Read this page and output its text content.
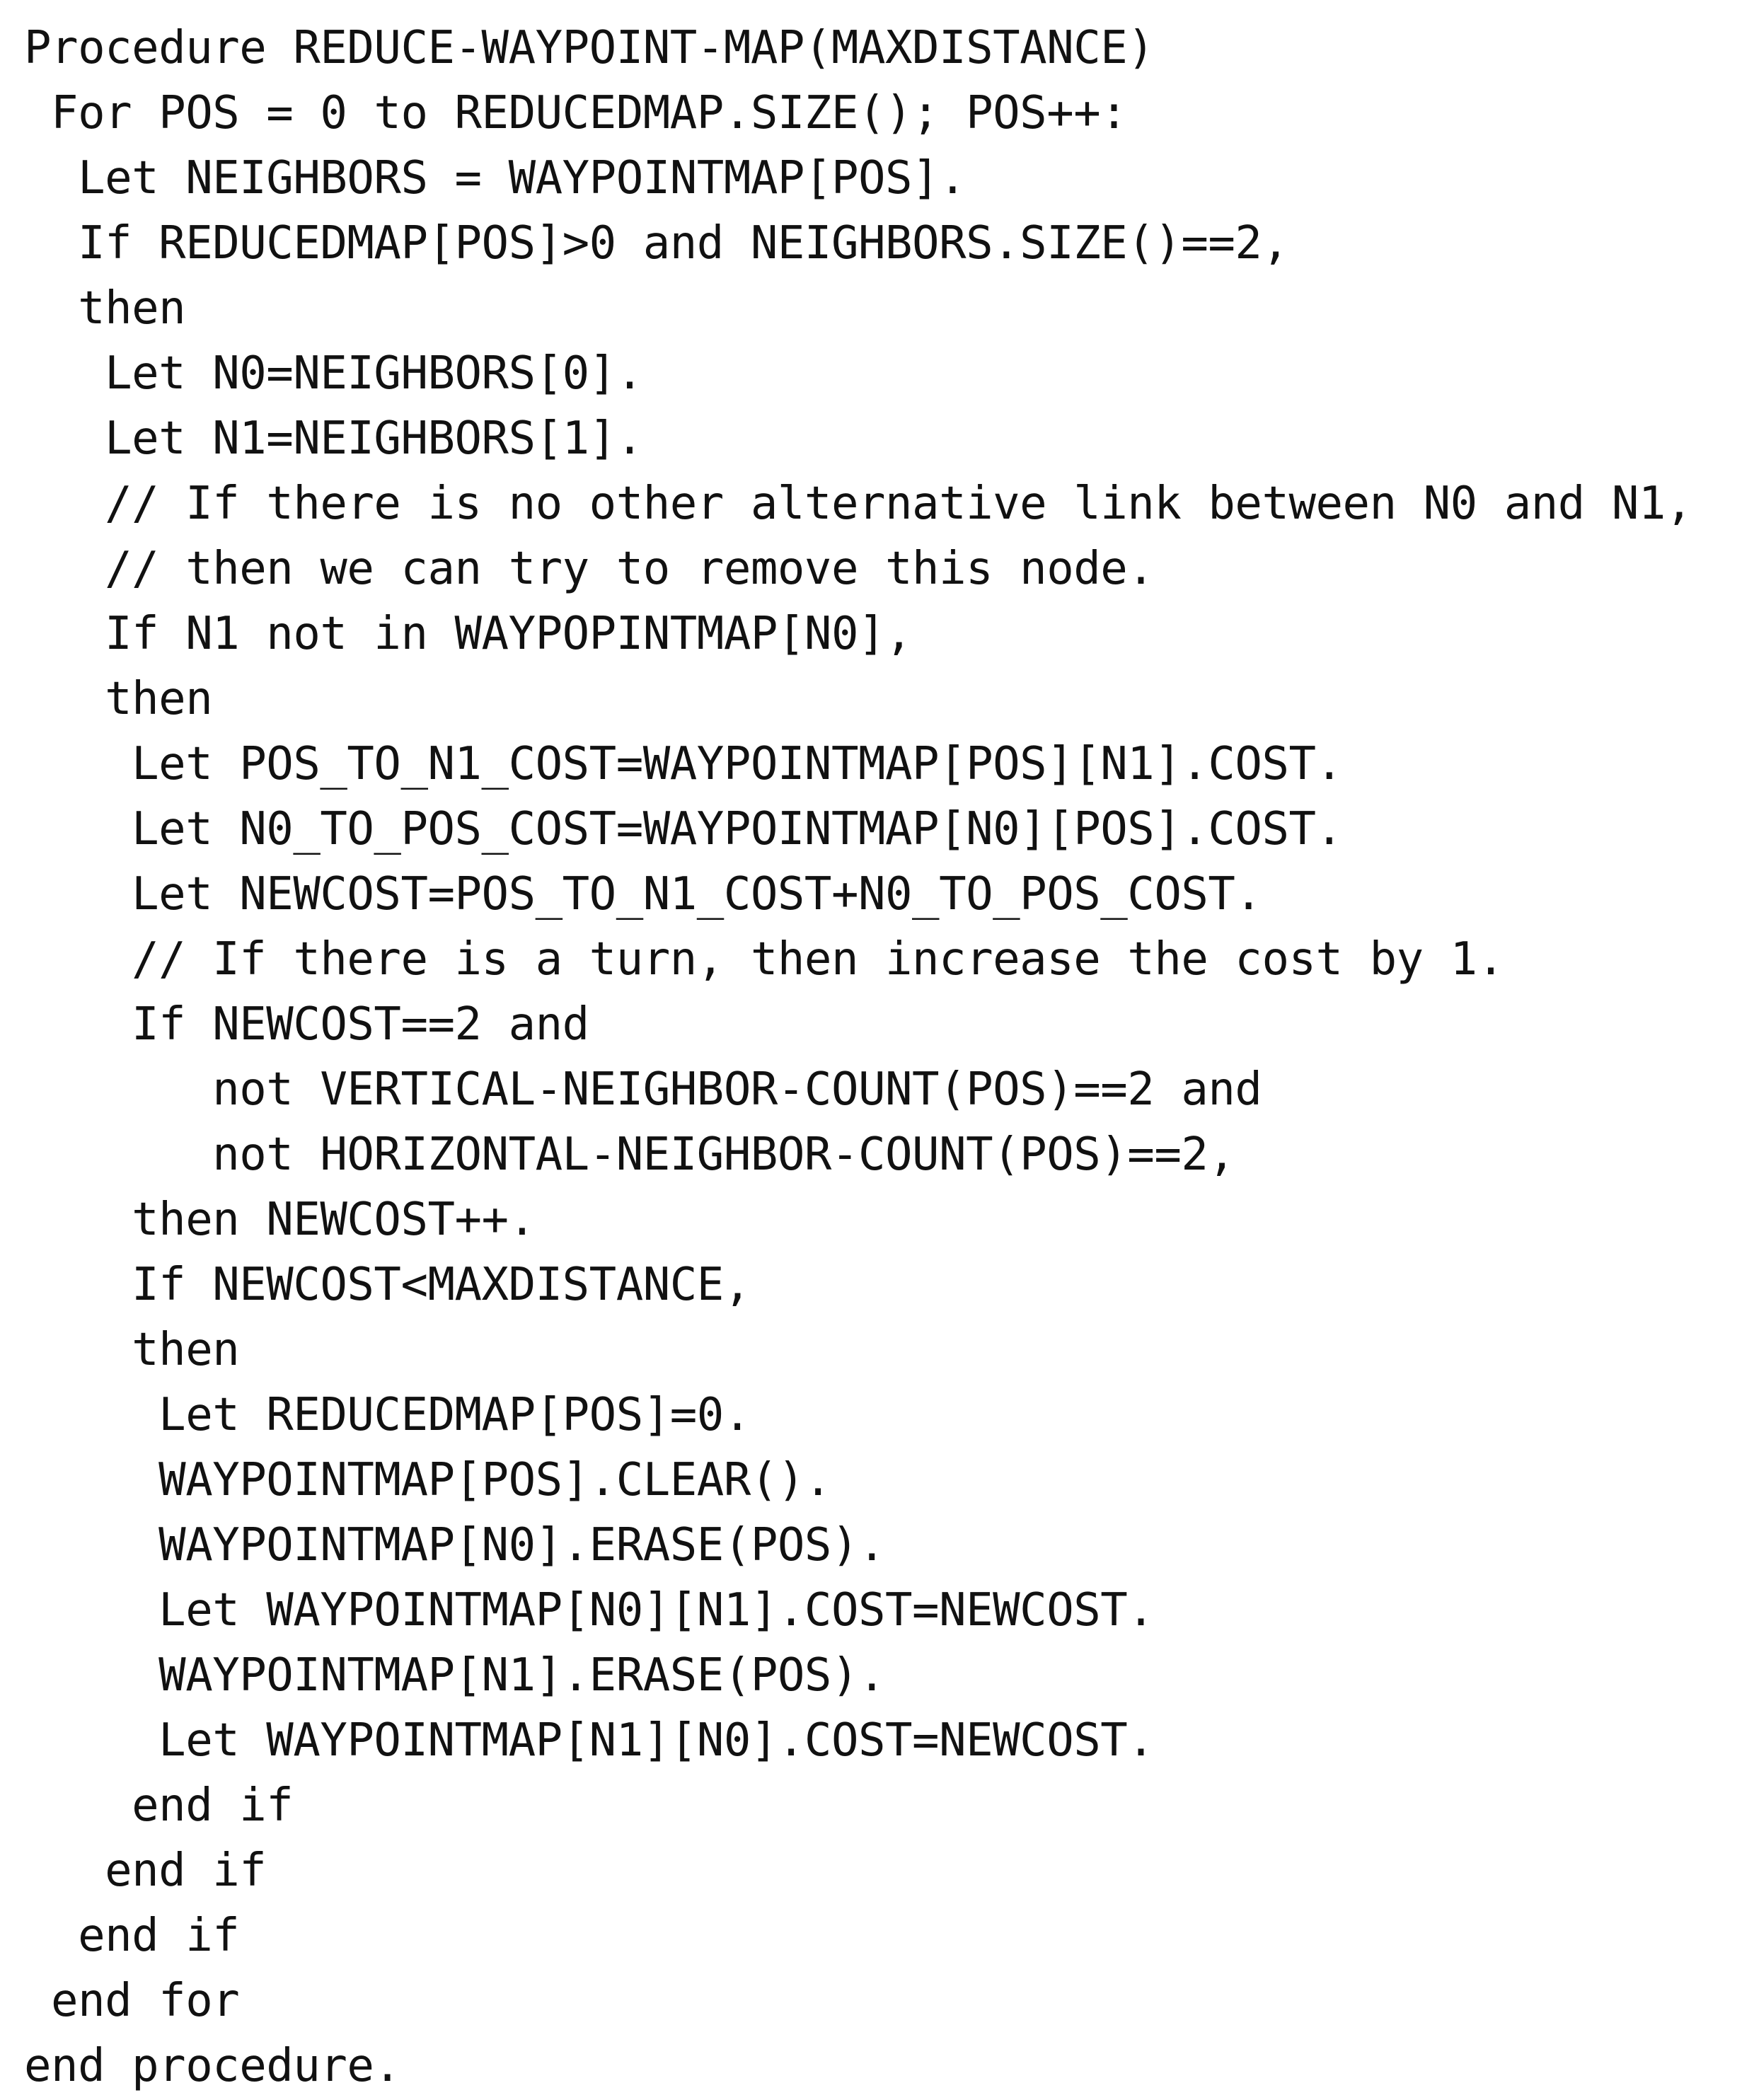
Procedure REDUCE-WAYPOINT-MAP(MAXDISTANCE)
For POS = 0 to REDUCEDMAP.SIZE(); POS++:
Let NEIGHBORS = WAYPOINTMAP[POS].
If REDUCEDMAP[POS]>0 and NEIGHBORS.SIZE()==2,
then
Let N0=NEIGHBORS[0].
Let N1=NEIGHBORS[1].
// If there is no other alternative link between N0 and N1,
// then we can try to remove this node.
If N1 not in WAYPOPINTMAP[N0],
then
Let POS_TO_N1_COST=WAYPOINTMAP[POS][N1].COST.
Let N0_TO_POS_COST=WAYPOINTMAP[N0][POS].COST.
Let NEWCOST=POS_TO_N1_COST+N0_TO_POS_COST.
// If there is a turn, then increase the cost by 1.
If NEWCOST==2 and
not VERTICAL-NEIGHBOR-COUNT(POS)==2 and
not HORIZONTAL-NEIGHBOR-COUNT(POS)==2,
then NEWCOST++.
If NEWCOST<MAXDISTANCE,
then
Let REDUCEDMAP[POS]=0.
WAYPOINTMAP[POS].CLEAR().
WAYPOINTMAP[N0].ERASE(POS).
Let WAYPOINTMAP[N0][N1].COST=NEWCOST.
WAYPOINTMAP[N1].ERASE(POS).
Let WAYPOINTMAP[N1][N0].COST=NEWCOST.
end if
end if
end if
end for
end procedure.
